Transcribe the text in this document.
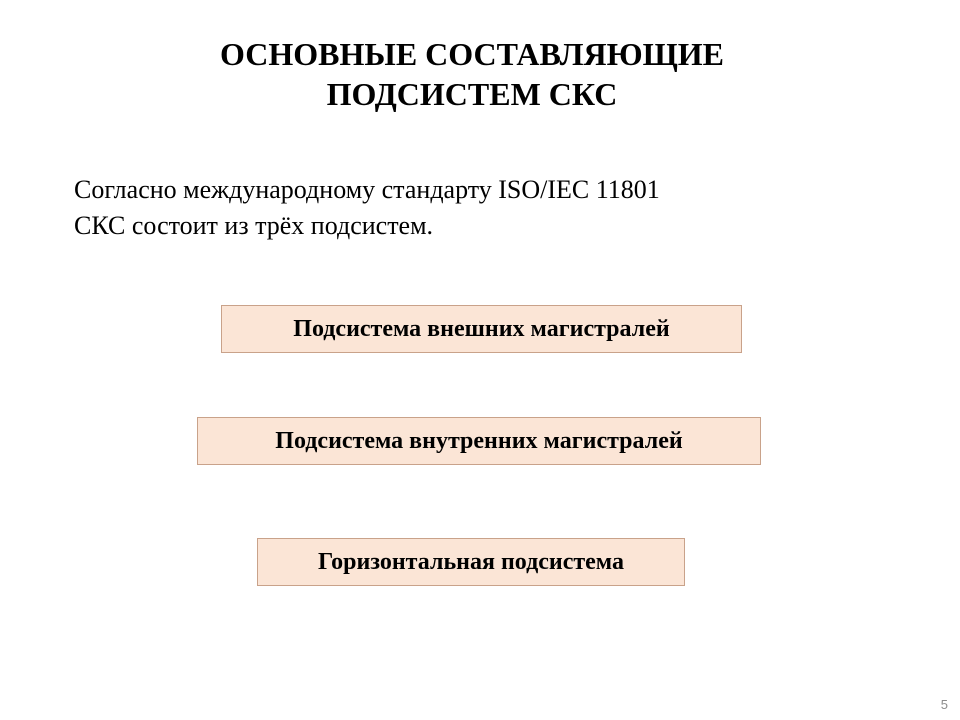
ОСНОВНЫЕ СОСТАВЛЯЮЩИЕ
ПОДСИСТЕМ СКС
Согласно международному стандарту ISO/IEC 11801
СКС состоит из трёх подсистем.
Подсистема внешних магистралей
Подсистема внутренних магистралей
Горизонтальная подсистема
5
